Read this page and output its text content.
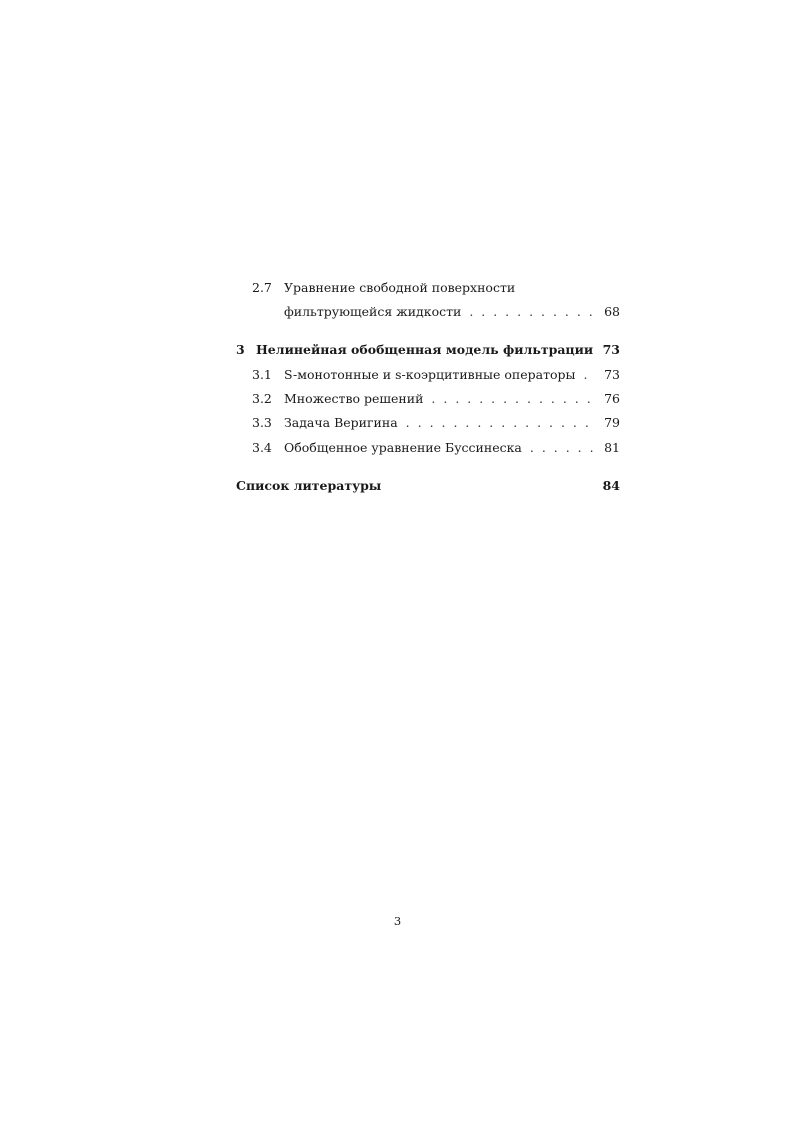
2.7 Уравнение свободной поверхности
фильтрующейся жидкости . . .	68
3 Нелинейная обобщенная модель фильтрации 73
3.1 S-монотонные и s-коэрцитивные операторы . . . 73
3.2 Множество решений . . .	76
3.3 Задача Веригина . . .	79
3.4 Обобщенное уравнение Буссинеска . . .	81
Список литературы	84
3
